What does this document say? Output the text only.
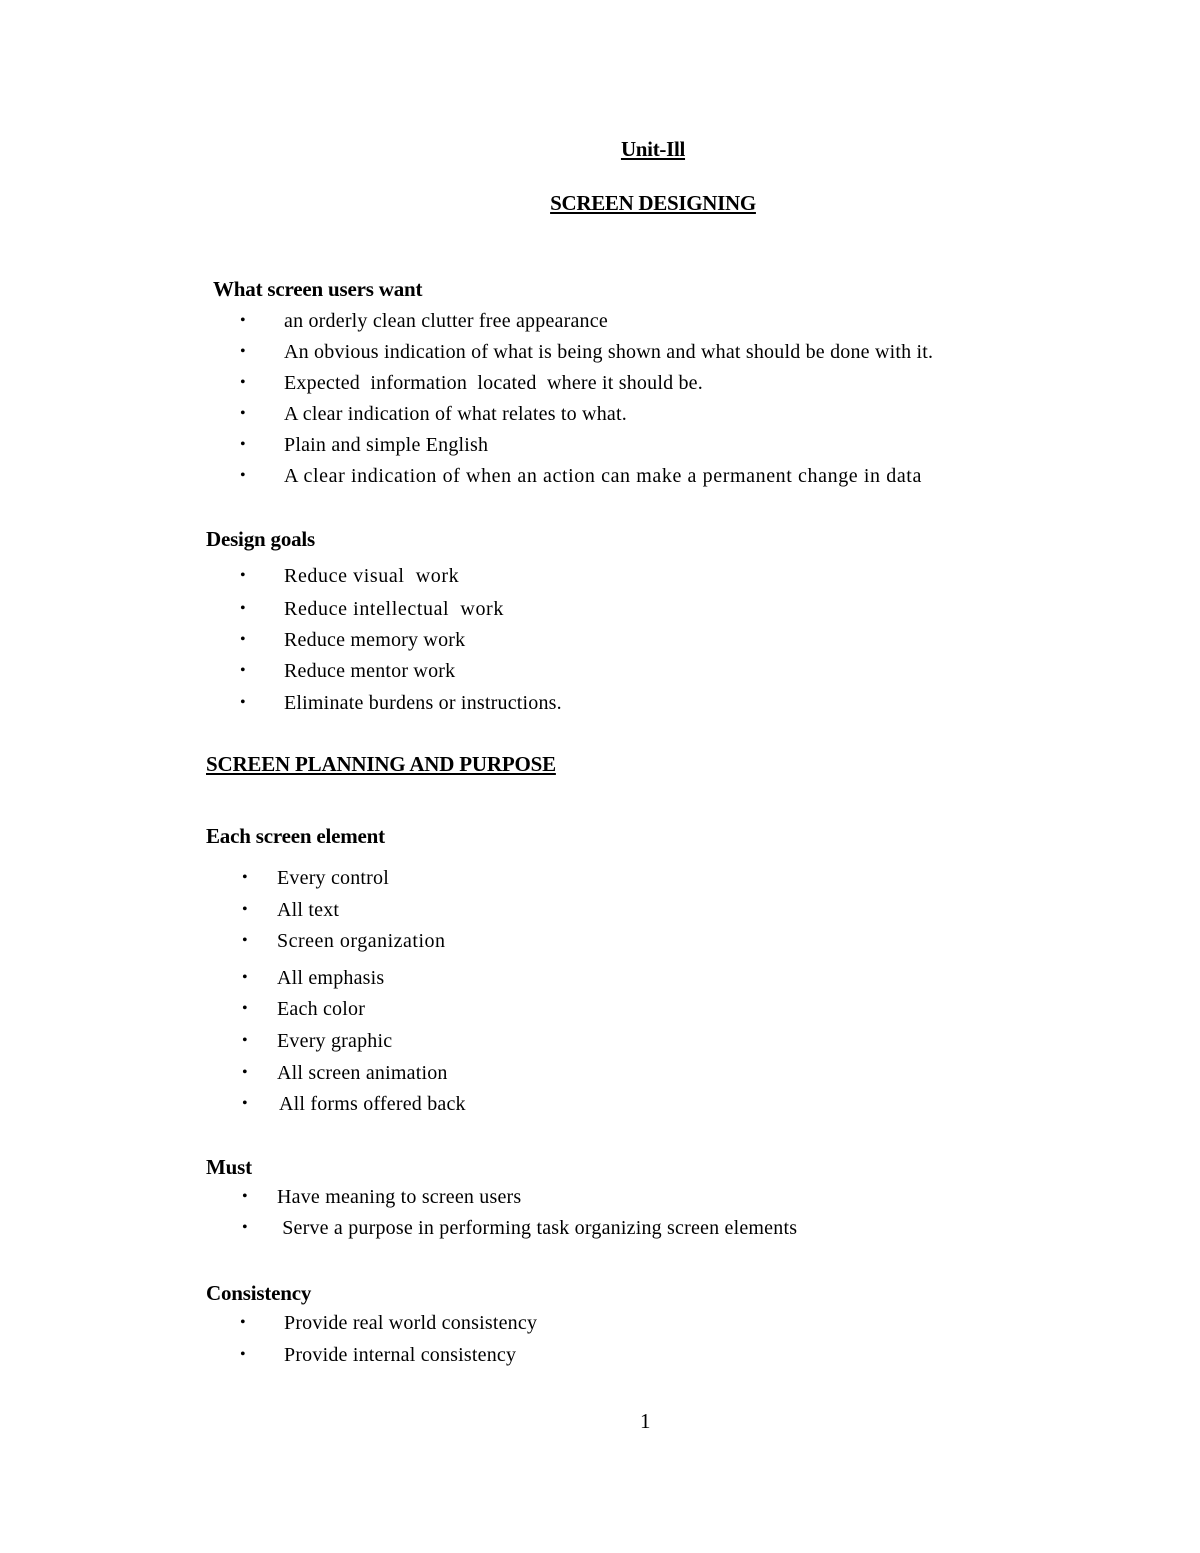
Unit-Ill
SCREEN DESIGNING
What screen users want
• an orderly clean clutter free appearance
• An obvious indication of what is being shown and what should be done with it.
• Expected  information  located  where it should be.
• A clear indication of what relates to what.
• Plain and simple English
• A clear indication of when an action can make a permanent change in data
Design goals
• Reduce visual  work
• Reduce intellectual  work
• Reduce memory work
• Reduce mentor work
• Eliminate burdens or instructions.
SCREEN PLANNING AND PURPOSE
Each screen element
• Every control
• All text
• Screen organization
• All emphasis
• Each color
• Every graphic
• All screen animation
• All forms offered back
Must
• Have meaning to screen users
• Serve a purpose in performing task organizing screen elements
Consistency
• Provide real world consistency
• Provide internal consistency
1
